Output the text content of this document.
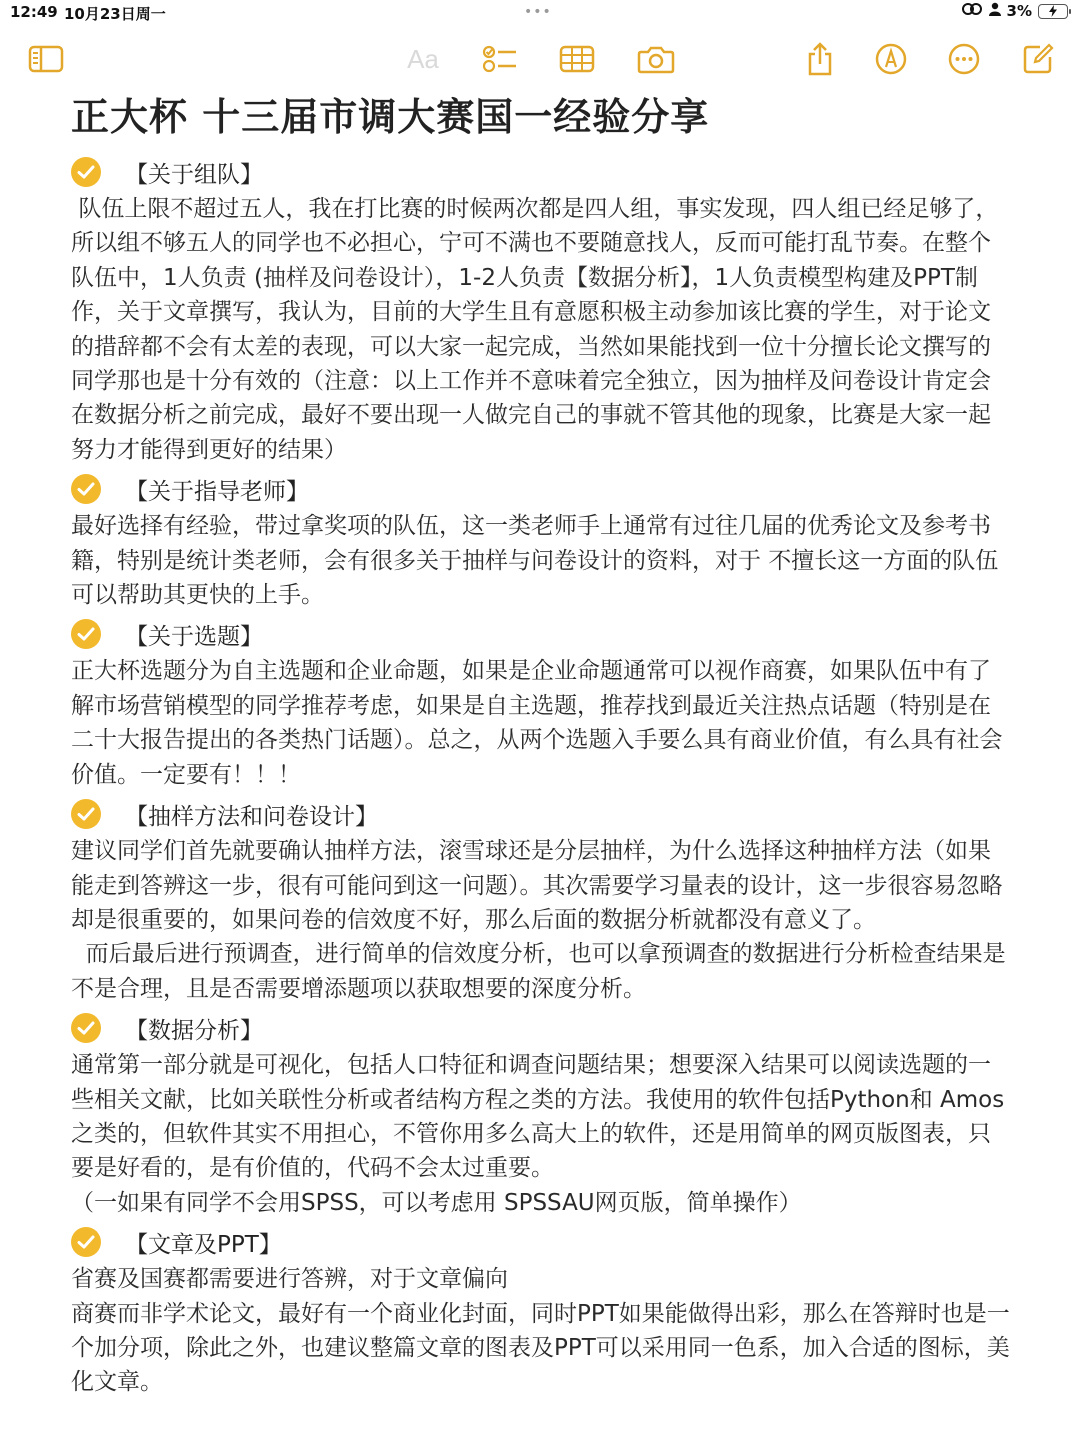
12:49 10月23日周一	•••	3%
Aa
正大杯 十三届市调大赛国一经验分享
【关于组队】

队伍上限不超过五人，我在打比赛的时候两次都是四人组，事实发现，四人组已经足够了，所以组不够五人的同学也不必担心，宁可不满也不要随意找人，反而可能打乱节奏。在整个队伍中，1人负责 (抽样及问卷设计），1-2人负责【数据分析】，1人负责模型构建及PPT制作，关于文章撰写，我认为，目前的大学生且有意愿积极主动参加该比赛的学生，对于论文的措辞都不会有太差的表现，可以大家一起完成，当然如果能找到一位十分擅长论文撰写的同学那也是十分有效的（注意：以上工作并不意味着完全独立，因为抽样及问卷设计肯定会在数据分析之前完成，最好不要出现一人做完自己的事就不管其他的现象，比赛是大家一起努力才能得到更好的结果）

【关于指导老师】

最好选择有经验，带过拿奖项的队伍，这一类老师手上通常有过往几届的优秀论文及参考书籍，特别是统计类老师，会有很多关于抽样与问卷设计的资料，对于 不擅长这一方面的队伍可以帮助其更快的上手。

【关于选题】

正大杯选题分为自主选题和企业命题，如果是企业命题通常可以视作商赛，如果队伍中有了解市场营销模型的同学推荐考虑，如果是自主选题，推荐找到最近关注热点话题（特别是在二十大报告提出的各类热门话题）。总之，从两个选题入手要么具有商业价值，有么具有社会价值。一定要有！！！

【抽样方法和问卷设计】

建议同学们首先就要确认抽样方法，滚雪球还是分层抽样，为什么选择这种抽样方法（如果能走到答辨这一步，很有可能问到这一问题）。其次需要学习量表的设计，这一步很容易忽略却是很重要的，如果问卷的信效度不好，那么后面的数据分析就都没有意义了。

而后最后进行预调查，进行简单的信效度分析，也可以拿预调查的数据进行分析检查结果是不是合理，且是否需要增添题项以获取想要的深度分析。

【数据分析】

通常第一部分就是可视化，包括人口特征和调查问题结果；想要深入结果可以阅读选题的一些相关文献，比如关联性分析或者结构方程之类的方法。我使用的软件包括Python和 Amos 之类的，但软件其实不用担心，不管你用多么高大上的软件，还是用简单的网页版图表，只要是好看的，是有价值的，代码不会太过重要。

（一如果有同学不会用SPSS，可以考虑用 SPSSAU网页版，简单操作）

【文章及PPT】

省赛及国赛都需要进行答辨，对于文章偏向

商赛而非学术论文，最好有一个商业化封面，同时PPT如果能做得出彩，那么在答辩时也是一个加分项，除此之外，也建议整篇文章的图表及PPT可以采用同一色系，加入合适的图标，美化文章。
